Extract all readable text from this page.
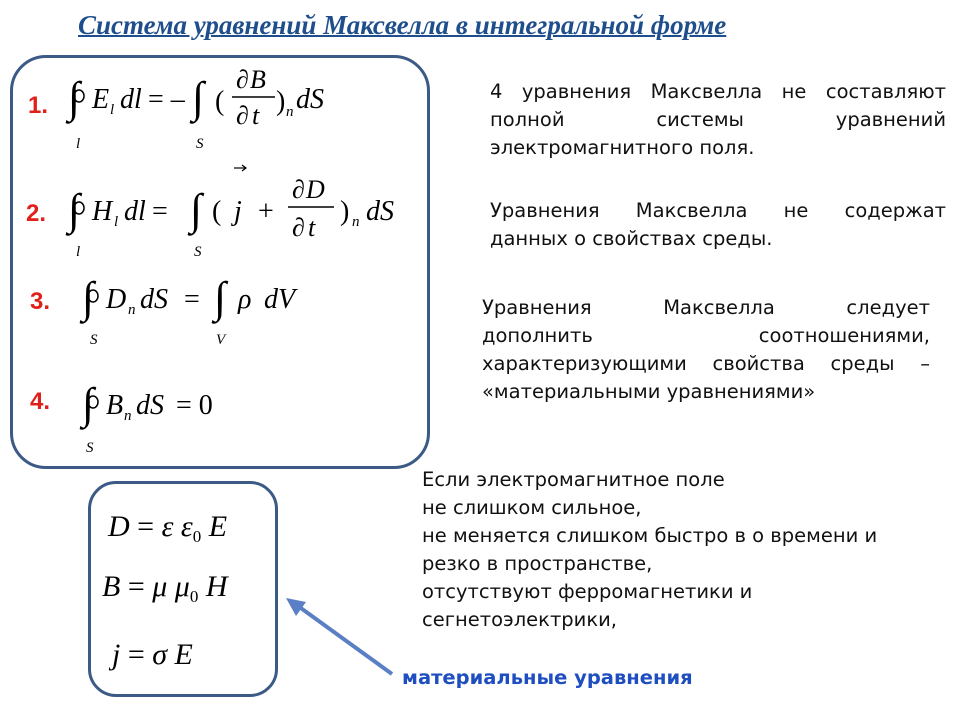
Система уравнений Максвелла в интегральной форме
1.
2.
3.
4.
∫ E l dl = – ∫ (
∂ B
∂ t ) n dS
l	S
∫ H l dl = ∫ ( j +
∂ D
∂ t
) n dS
l	S
∫ D n dS = ∫ ρ dV
S	V
∫ B n dS = 0
S
D = ε $\varepsilon_0$ E
B = μ $\mu_0$ H
j = σ E
4 уравнения Максвелла не составляют
полной системы уравнений
электромагнитного поля.
Уравнения Максвелла не содержат
данных о свойствах среды.
Уравнения Максвелла следует
дополнить соотношениями,
характеризующими свойства среды –
«материальными уравнениями»
Если электромагнитное поле
не слишком сильное,
не меняется слишком быстро в о времени и
резко в пространстве,
отсутствуют ферромагнетики и
сегнетоэлектрики,
материальные уравнения
